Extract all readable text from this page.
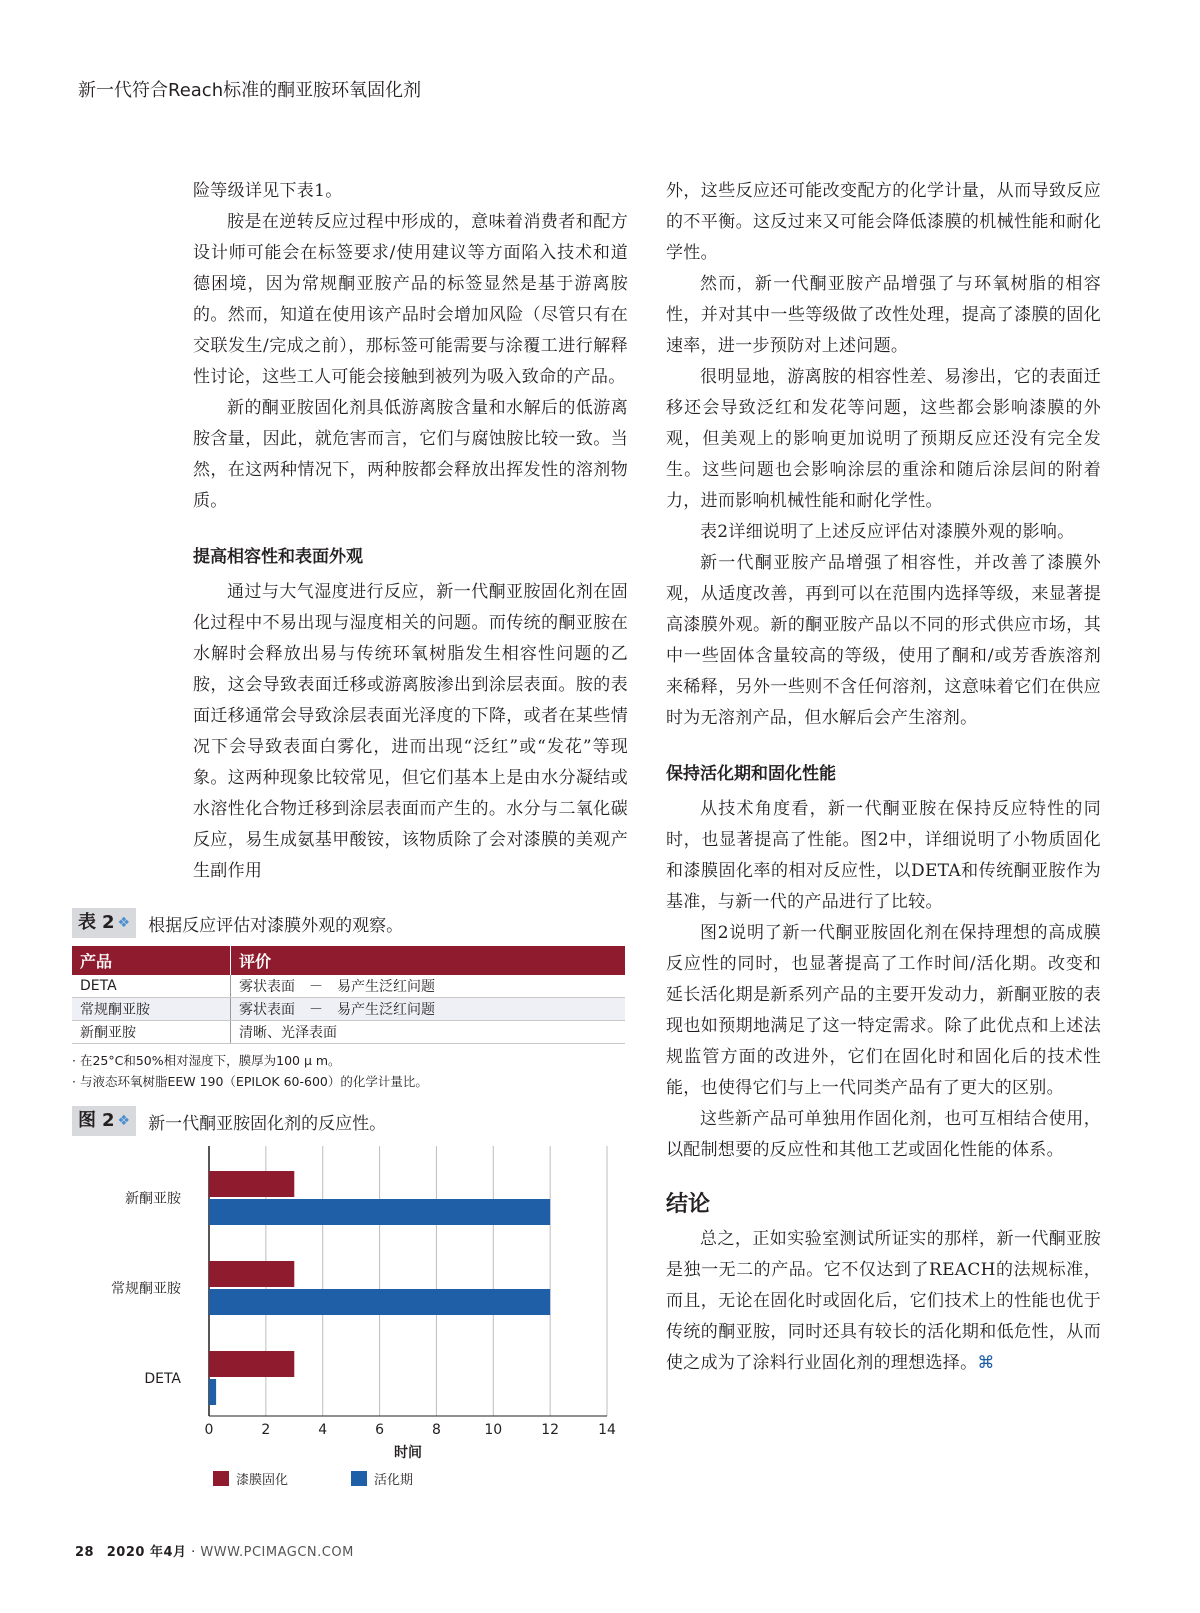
新一代符合Reach标准的酮亚胺环氧固化剂

险等级详见下表1。

胺是在逆转反应过程中形成的，意味着消费者和配方设计师可能会在标签要求/使用建议等方面陷入技术和道德困境，因为常规酮亚胺产品的标签显然是基于游离胺的。然而，知道在使用该产品时会增加风险（尽管只有在交联发生/完成之前），那标签可能需要与涂覆工进行解释性讨论，这些工人可能会接触到被列为吸入致命的产品。

新的酮亚胺固化剂具低游离胺含量和水解后的低游离胺含量，因此，就危害而言，它们与腐蚀胺比较一致。当然，在这两种情况下，两种胺都会释放出挥发性的溶剂物质。

提高相容性和表面外观

通过与大气湿度进行反应，新一代酮亚胺固化剂在固化过程中不易出现与湿度相关的问题。而传统的酮亚胺在水解时会释放出易与传统环氧树脂发生相容性问题的乙胺，这会导致表面迁移或游离胺渗出到涂层表面。胺的表面迁移通常会导致涂层表面光泽度的下降，或者在某些情况下会导致表面白雾化，进而出现“泛红”或“发花”等现象。这两种现象比较常见，但它们基本上是由水分凝结或水溶性化合物迁移到涂层表面而产生的。水分与二氧化碳反应，易生成氨基甲酸铵，该物质除了会对漆膜的美观产生副作用

外，这些反应还可能改变配方的化学计量，从而导致反应的不平衡。这反过来又可能会降低漆膜的机械性能和耐化学性。

然而，新一代酮亚胺产品增强了与环氧树脂的相容性，并对其中一些等级做了改性处理，提高了漆膜的固化速率，进一步预防对上述问题。

很明显地，游离胺的相容性差、易渗出，它的表面迁移还会导致泛红和发花等问题，这些都会影响漆膜的外观，但美观上的影响更加说明了预期反应还没有完全发生。这些问题也会影响涂层的重涂和随后涂层间的附着力，进而影响机械性能和耐化学性。

表2详细说明了上述反应评估对漆膜外观的影响。

新一代酮亚胺产品增强了相容性，并改善了漆膜外观，从适度改善，再到可以在范围内选择等级，来显著提高漆膜外观。新的酮亚胺产品以不同的形式供应市场，其中一些固体含量较高的等级，使用了酮和/或芳香族溶剂来稀释，另外一些则不含任何溶剂，这意味着它们在供应时为无溶剂产品，但水解后会产生溶剂。

保持活化期和固化性能

从技术角度看，新一代酮亚胺在保持反应特性的同时，也显著提高了性能。图2中，详细说明了小物质固化和漆膜固化率的相对反应性，以DETA和传统酮亚胺作为基准，与新一代的产品进行了比较。

图2说明了新一代酮亚胺固化剂在保持理想的高成膜反应性的同时，也显著提高了工作时间/活化期。改变和延长活化期是新系列产品的主要开发动力，新酮亚胺的表现也如预期地满足了这一特定需求。除了此优点和上述法规监管方面的改进外，它们在固化时和固化后的技术性能，也使得它们与上一代同类产品有了更大的区别。

这些新产品可单独用作固化剂，也可互相结合使用，以配制想要的反应性和其他工艺或固化性能的体系。

结论

总之，正如实验室测试所证实的那样，新一代酮亚胺是独一无二的产品。它不仅达到了REACH的法规标准，而且，无论在固化时或固化后，它们技术上的性能也优于传统的酮亚胺，同时还具有较长的活化期和低危性，从而使之成为了涂料行业固化剂的理想选择。⌘

表 2 ❖ 根据反应评估对漆膜外观的观察。
产品	评价
DETA	雾状表面　－　易产生泛红问题
常规酮亚胺	雾状表面　－　易产生泛红问题
新酮亚胺	清晰、光泽表面
· 在25°C和50%相对湿度下，膜厚为100 μ m。
· 与液态环氧树脂EEW 190（EPILOK 60-600）的化学计量比。
图 2 ❖ 新一代酮亚胺固化剂的反应性。
新酮亚胺
常规酮亚胺
DETA
0	2	4	6	8	10	12	14
时间
漆膜固化	活化期
28 2020 年4月 · WWW.PCIMAGCN.COM
